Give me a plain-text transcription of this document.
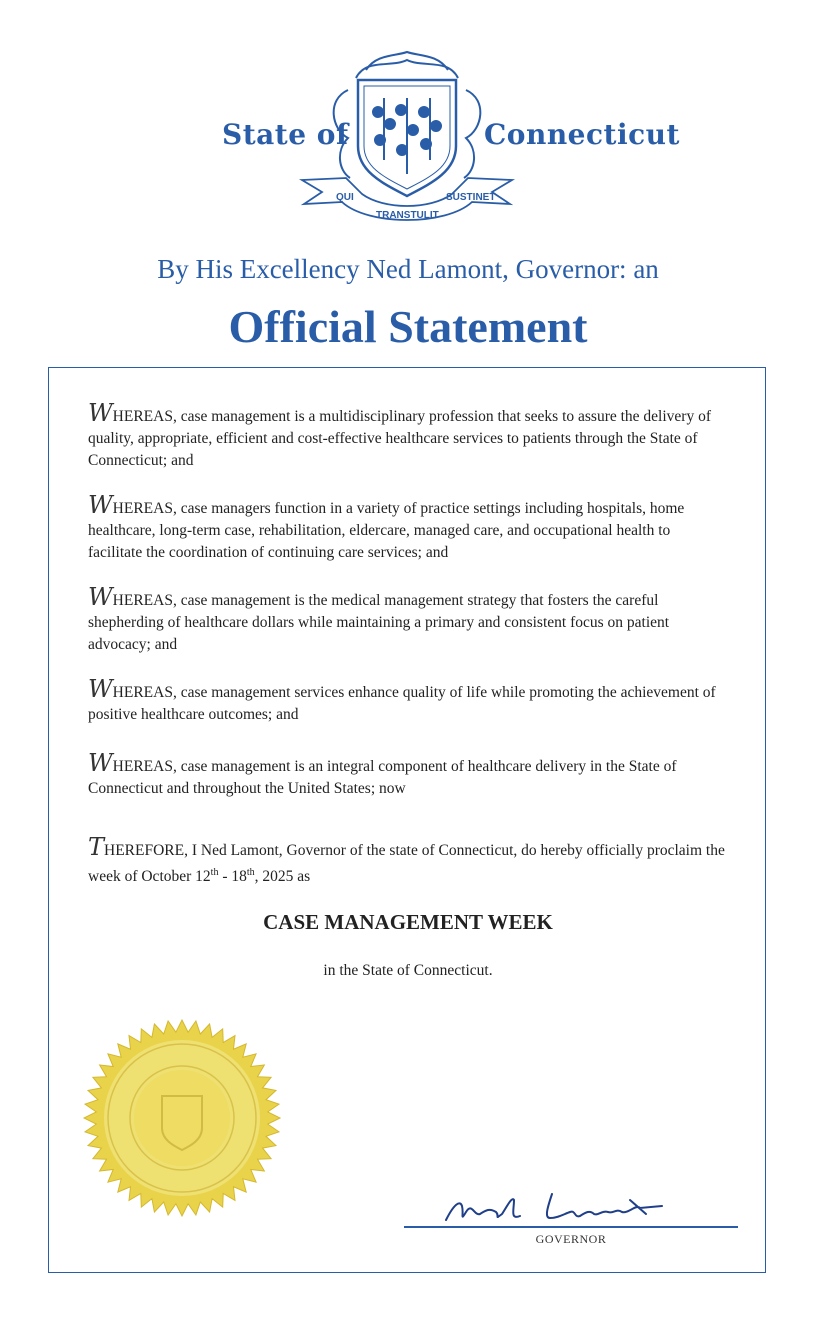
QUI
TRANSTULIT
SUSTINET
State of	Connecticut
By His Excellency Ned Lamont, Governor: an
Official Statement
WHEREAS, case management is a multidisciplinary profession that seeks to assure the delivery of quality, appropriate, efficient and cost-effective healthcare services to patients through the State of Connecticut; and
WHEREAS, case managers function in a variety of practice settings including hospitals, home healthcare, long-term case, rehabilitation, eldercare, managed care, and occupational health to facilitate the coordination of continuing care services; and
WHEREAS, case management is the medical management strategy that fosters the careful shepherding of healthcare dollars while maintaining a primary and consistent focus on patient advocacy; and
WHEREAS, case management services enhance quality of life while promoting the achievement of positive healthcare outcomes; and
WHEREAS, case management is an integral component of healthcare delivery in the State of Connecticut and throughout the United States; now
THEREFORE, I Ned Lamont, Governor of the state of Connecticut, do hereby officially proclaim the week of October 12th - 18th, 2025 as
CASE MANAGEMENT WEEK
in the State of Connecticut.
GOVERNOR
